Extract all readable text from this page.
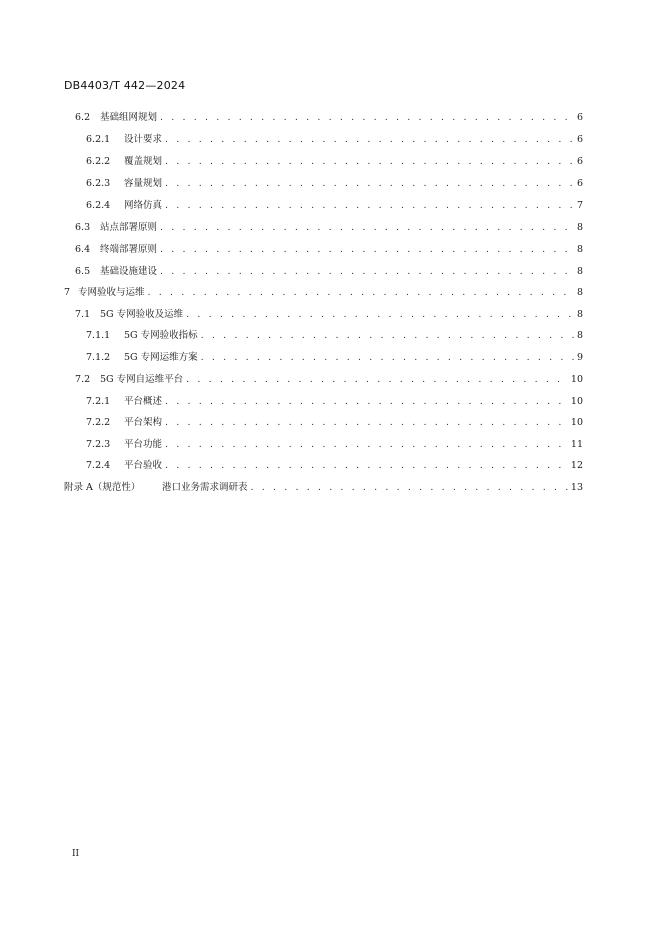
DB4403/T 442—2024
6.2	基础组网规划 . . .	6
6.2.1	设计要求 . . .	6
6.2.2	覆盖规划 . . .	6
6.2.3	容量规划 . . .	6
6.2.4	网络仿真 . . .	7
6.3	站点部署原则 . . .	8
6.4	终端部署原则 . . .	8
6.5	基础设施建设 . . .	8
7 专网验收与运维 . . .	8
7.1	5G 专网验收及运维 . . .	8
7.1.1	5G 专网验收指标 . . .	8
7.1.2	5G 专网运维方案 . . .	9
7.2	5G 专网自运维平台 . . .	10
7.2.1	平台概述 . . .	10
7.2.2	平台架构 . . .	10
7.2.3	平台功能 . . .	11
7.2.4	平台验收 . . .	12
附录 A（规范性）	港口业务需求调研表 . . .	13
II
